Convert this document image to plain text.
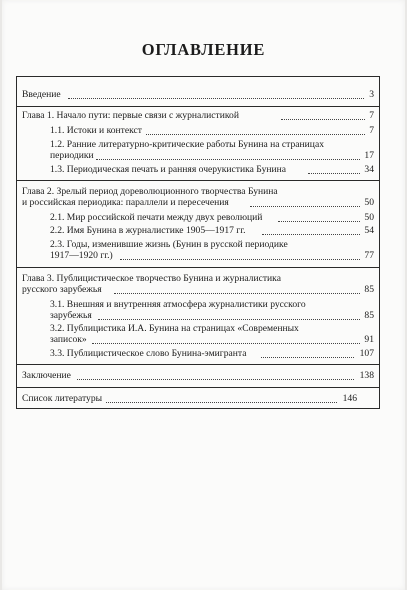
ОГЛАВЛЕНИЕ
Введение	3
Глава 1. Начало пути: первые связи с журналистикой	7
1.1. Истоки и контекст	7
1.2. Ранние литературно-критические работы Бунина на страницах
периодики	17
1.3. Периодическая печать и ранняя очерукистика Бунина	34
Глава 2. Зрелый период дореволюционного творчества Бунина
и российская периодика: параллели и пересечения	50
2.1. Мир российской печати между двух революций	50
2.2. Имя Бунина в журналистике 1905—1917 гг.	54
2.3. Годы, изменившие жизнь (Бунин в русской периодике
1917—1920 гг.)	77
Глава 3. Публицистическое творчество Бунина и журналистика
русского зарубежья	85
3.1. Внешняя и внутренняя атмосфера журналистики русского
зарубежья	85
3.2. Публицистика И.А. Бунина на страницах «Современных
записок»	91
3.3. Публицистическое слово Бунина-эмигранта	107
Заключение	138
Список литературы	146
